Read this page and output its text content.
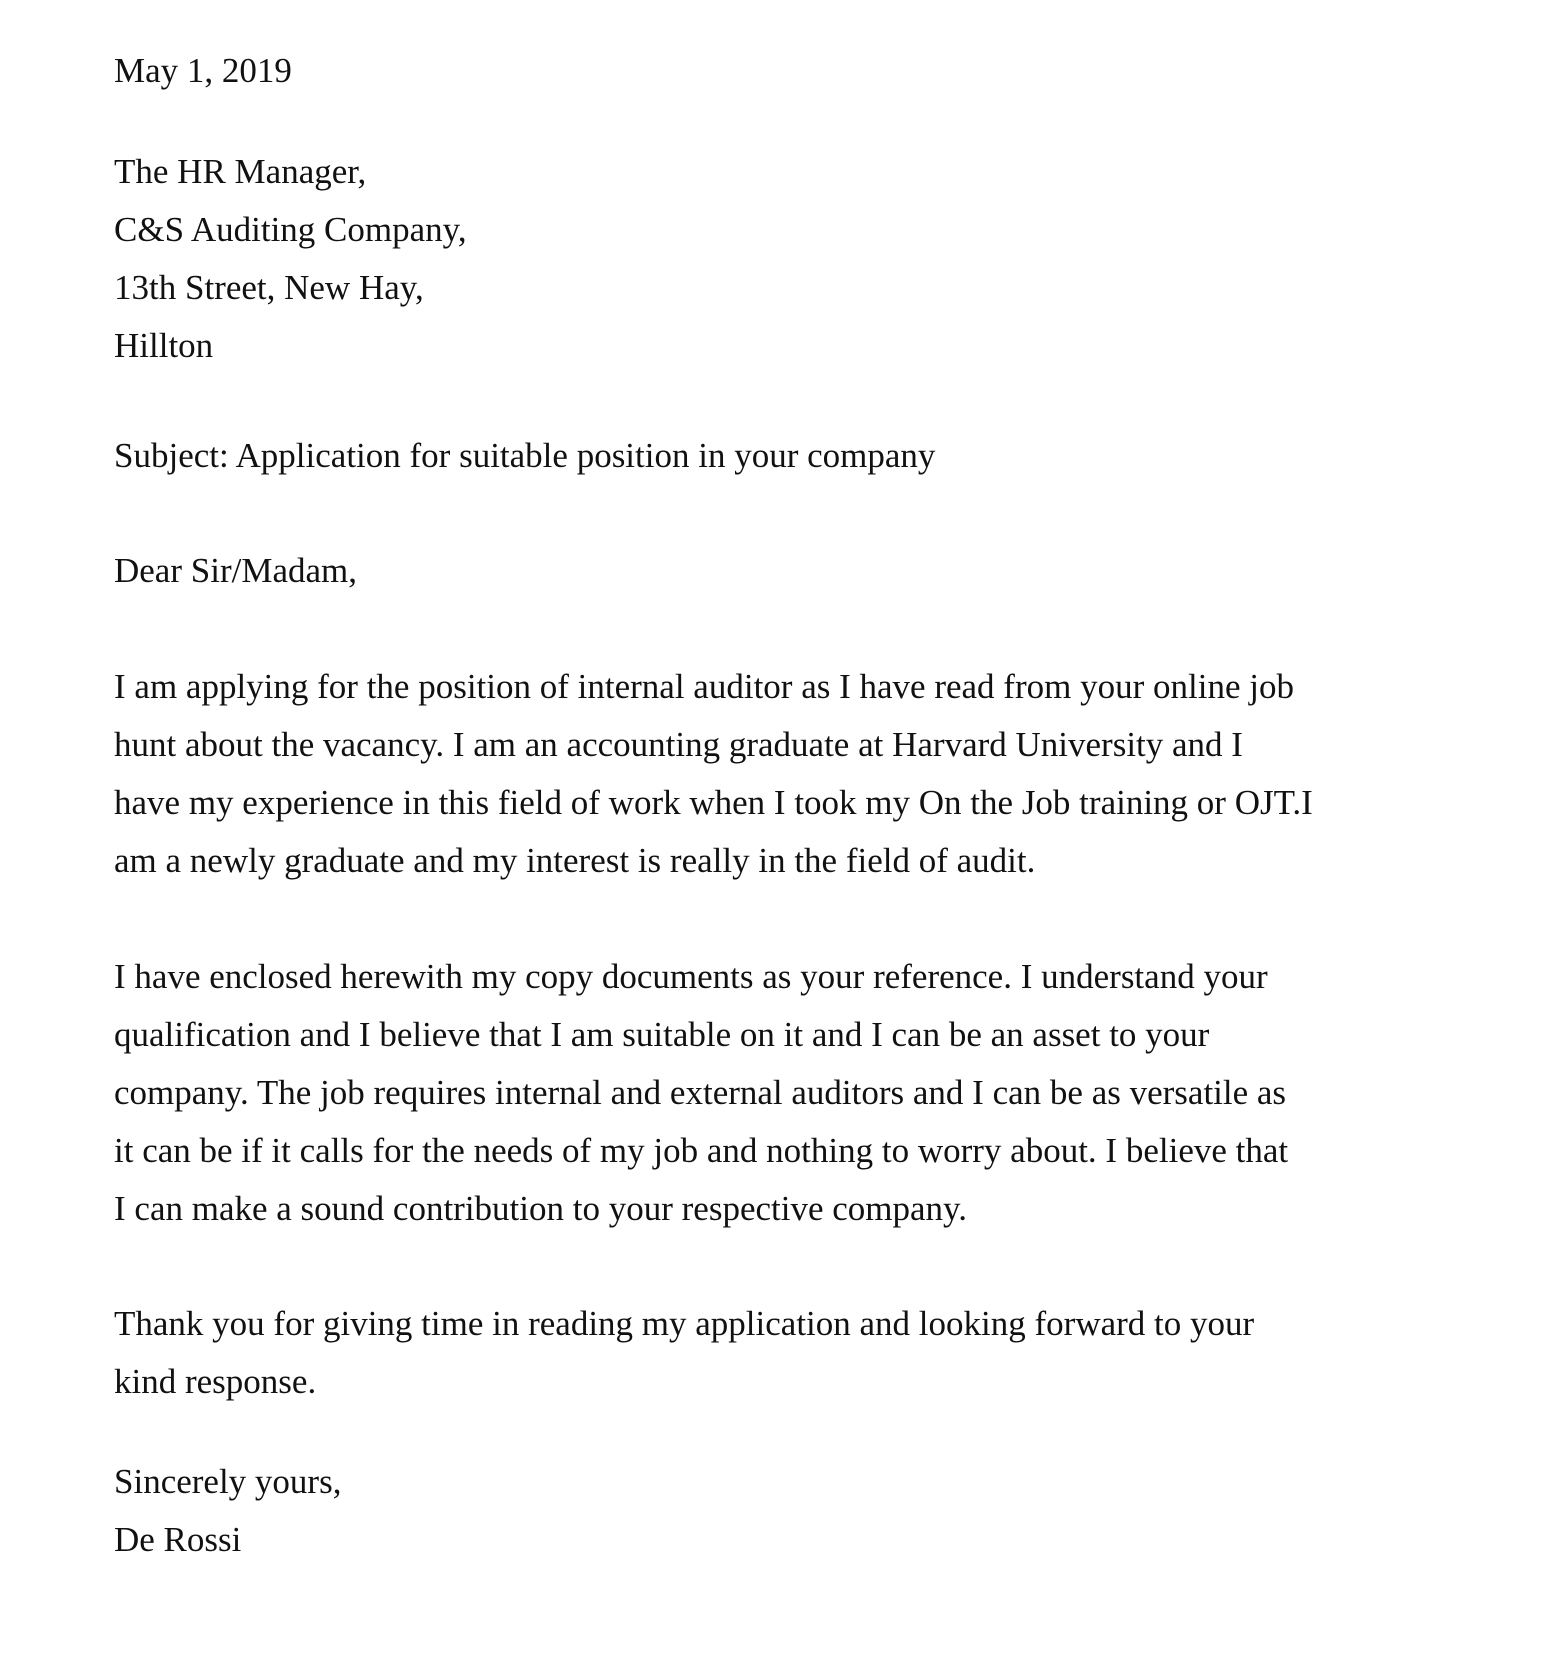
May 1, 2019
The HR Manager,
C&S Auditing Company,
13th Street, New Hay,
Hillton
Subject: Application for suitable position in your company
Dear Sir/Madam,
I am applying for the position of internal auditor as I have read from your online job
hunt about the vacancy. I am an accounting graduate at Harvard University and I
have my experience in this field of work when I took my On the Job training or OJT.I
am a newly graduate and my interest is really in the field of audit.
I have enclosed herewith my copy documents as your reference. I understand your
qualification and I believe that I am suitable on it and I can be an asset to your
company. The job requires internal and external auditors and I can be as versatile as
it can be if it calls for the needs of my job and nothing to worry about. I believe that
I can make a sound contribution to your respective company.
Thank you for giving time in reading my application and looking forward to your
kind response.
Sincerely yours,
De Rossi
